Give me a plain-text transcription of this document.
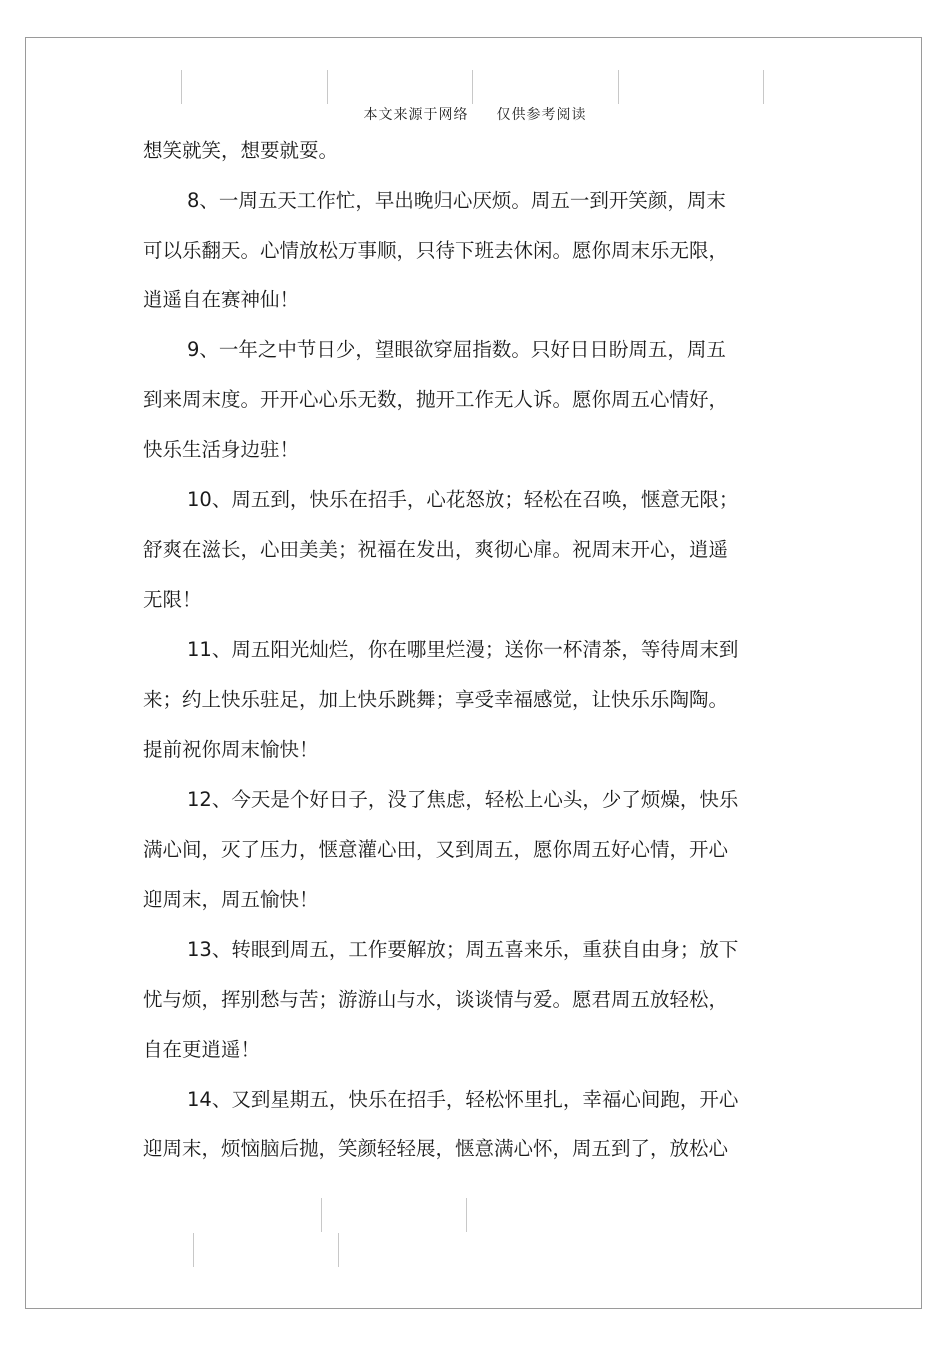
本文来源于网络 仅供参考阅读
想笑就笑，想要就耍。
8、一周五天工作忙，早出晚归心厌烦。周五一到开笑颜，周末
可以乐翻天。心情放松万事顺，只待下班去休闲。愿你周末乐无限，
逍遥自在赛神仙！
9、一年之中节日少，望眼欲穿屈指数。只好日日盼周五，周五
到来周末度。开开心心乐无数，抛开工作无人诉。愿你周五心情好，
快乐生活身边驻！
10、周五到，快乐在招手，心花怒放；轻松在召唤，惬意无限；
舒爽在滋长，心田美美；祝福在发出，爽彻心扉。祝周末开心，逍遥
无限！
11、周五阳光灿烂，你在哪里烂漫；送你一杯清茶，等待周末到
来；约上快乐驻足，加上快乐跳舞；享受幸福感觉，让快乐乐陶陶。
提前祝你周末愉快！
12、今天是个好日子，没了焦虑，轻松上心头，少了烦燥，快乐
满心间，灭了压力，惬意灌心田，又到周五，愿你周五好心情，开心
迎周末，周五愉快！
13、转眼到周五，工作要解放；周五喜来乐，重获自由身；放下
忧与烦，挥别愁与苦；游游山与水，谈谈情与爱。愿君周五放轻松，
自在更逍遥！
14、又到星期五，快乐在招手，轻松怀里扎，幸福心间跑，开心
迎周末，烦恼脑后抛，笑颜轻轻展，惬意满心怀，周五到了，放松心
